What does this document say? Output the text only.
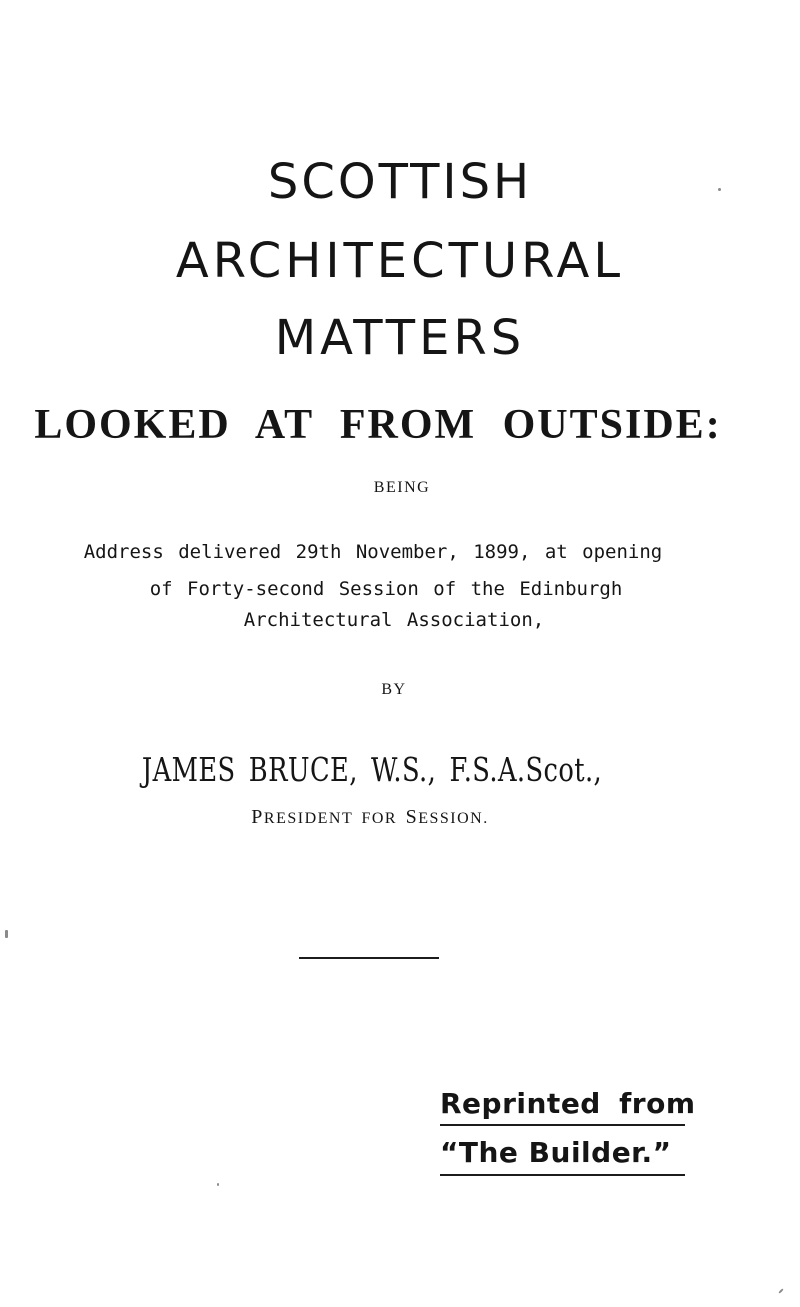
SCOTTISH
ARCHITECTURAL
MATTERS
LOOKED AT FROM OUTSIDE:

BEING

Address delivered 29th November, 1899, at opening

of Forty-second Session of the Edinburgh

Architectural Association,

BY

JAMES BRUCE, W.S., F.S.A.Scot.,

PRESIDENT FOR SESSION.

Reprinted from
“The Builder.”
